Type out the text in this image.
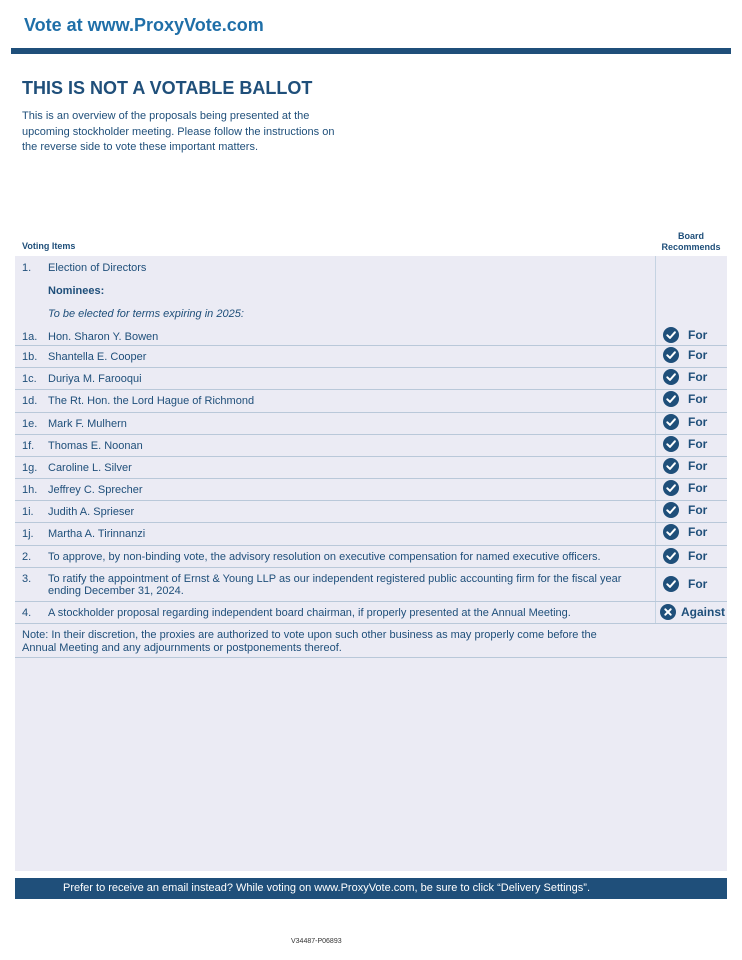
Vote at www.ProxyVote.com
THIS IS NOT A VOTABLE BALLOT
This is an overview of the proposals being presented at the upcoming stockholder meeting. Please follow the instructions on the reverse side to vote these important matters.
Voting Items
Board
Recommends
1. Election of Directors
Nominees:
To be elected for terms expiring in 2025:
1a. Hon. Sharon Y. Bowen	For
1b. Shantella E. Cooper	For
1c. Duriya M. Farooqui	For
1d. The Rt. Hon. the Lord Hague of Richmond	For
1e. Mark F. Mulhern	For
1f. Thomas E. Noonan	For
1g. Caroline L. Silver	For
1h. Jeffrey C. Sprecher	For
1i. Judith A. Sprieser	For
1j. Martha A. Tirinnanzi	For
2. To approve, by non-binding vote, the advisory resolution on executive compensation for named executive officers.	For
3. To ratify the appointment of Ernst & Young LLP as our independent registered public accounting firm for the fiscal year
ending December 31, 2024.	For
4. A stockholder proposal regarding independent board chairman, if properly presented at the Annual Meeting.	Against
Note: In their discretion, the proxies are authorized to vote upon such other business as may properly come before the
Annual Meeting and any adjournments or postponements thereof.
Prefer to receive an email instead? While voting on www.ProxyVote.com, be sure to click “Delivery Settings”.
V34487-P06893
